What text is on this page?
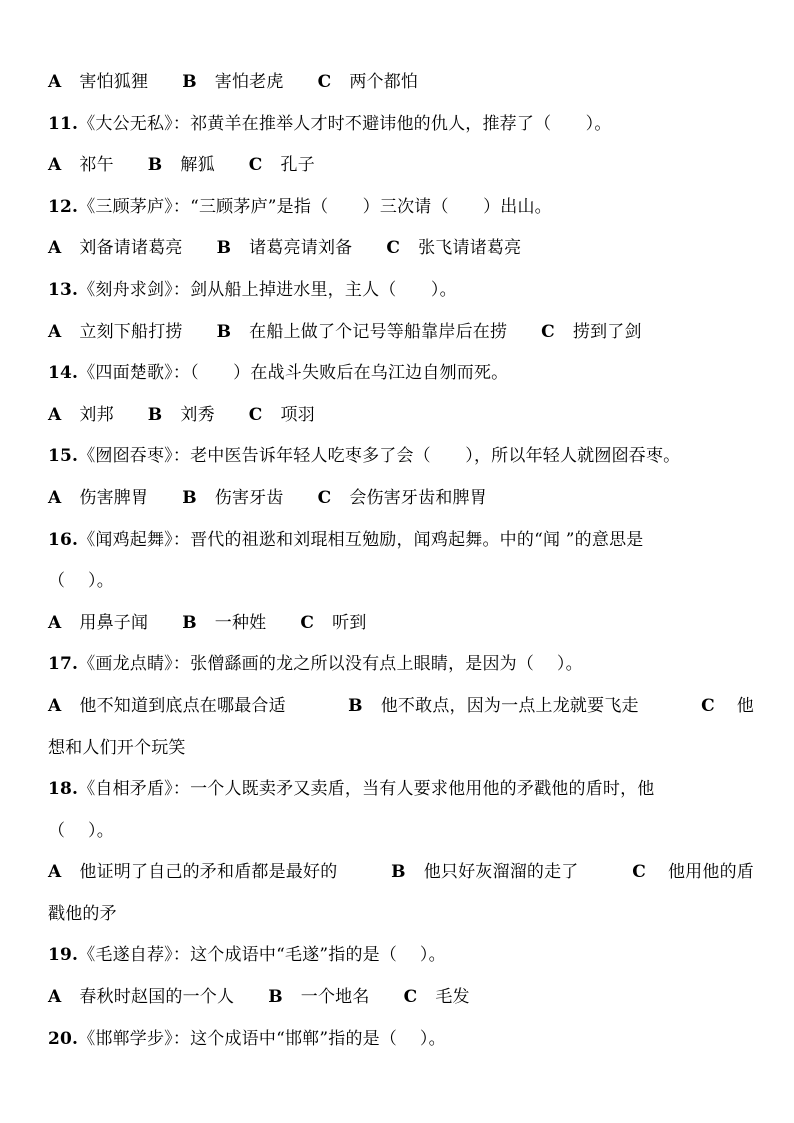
A 害怕狐狸 B 害怕老虎 C 两个都怕
11.《大公无私》：祁黄羊在推举人才时不避讳他的仇人，推荐了（　　）。
A 祁午 B 解狐 C 孔子
12.《三顾茅庐》：“三顾茅庐”是指（　　）三次请（　　）出山。
A 刘备请诸葛亮 B 诸葛亮请刘备 C 张飞请诸葛亮
13.《刻舟求剑》：剑从船上掉进水里，主人（　　）。
A 立刻下船打捞 B 在船上做了个记号等船靠岸后在捞 C 捞到了剑
14.《四面楚歌》：（　　）在战斗失败后在乌江边自刎而死。
A 刘邦 B 刘秀 C 项羽
15.《囫囵吞枣》：老中医告诉年轻人吃枣多了会（　　），所以年轻人就囫囵吞枣。
A 伤害脾胃 B 伤害牙齿 C 会伤害牙齿和脾胃
16.《闻鸡起舞》：晋代的祖逖和刘琨相互勉励，闻鸡起舞。中的“闻 ”的意思是
（　 ）。
A 用鼻子闻 B 一种姓 C 听到
17.《画龙点睛》：张僧繇画的龙之所以没有点上眼睛，是因为（　 ）。
A 他不知道到底点在哪最合适	B 他不敢点，因为一点上龙就要飞走	C 他
想和人们开个玩笑
18.《自相矛盾》：一个人既卖矛又卖盾，当有人要求他用他的矛戳他的盾时，他
（　 ）。
A 他证明了自己的矛和盾都是最好的	B 他只好灰溜溜的走了	C 他用他的盾
戳他的矛
19.《毛遂自荐》：这个成语中“毛遂”指的是（　 ）。
A 春秋时赵国的一个人 B 一个地名 C 毛发
20.《邯郸学步》：这个成语中“邯郸”指的是（　 ）。
